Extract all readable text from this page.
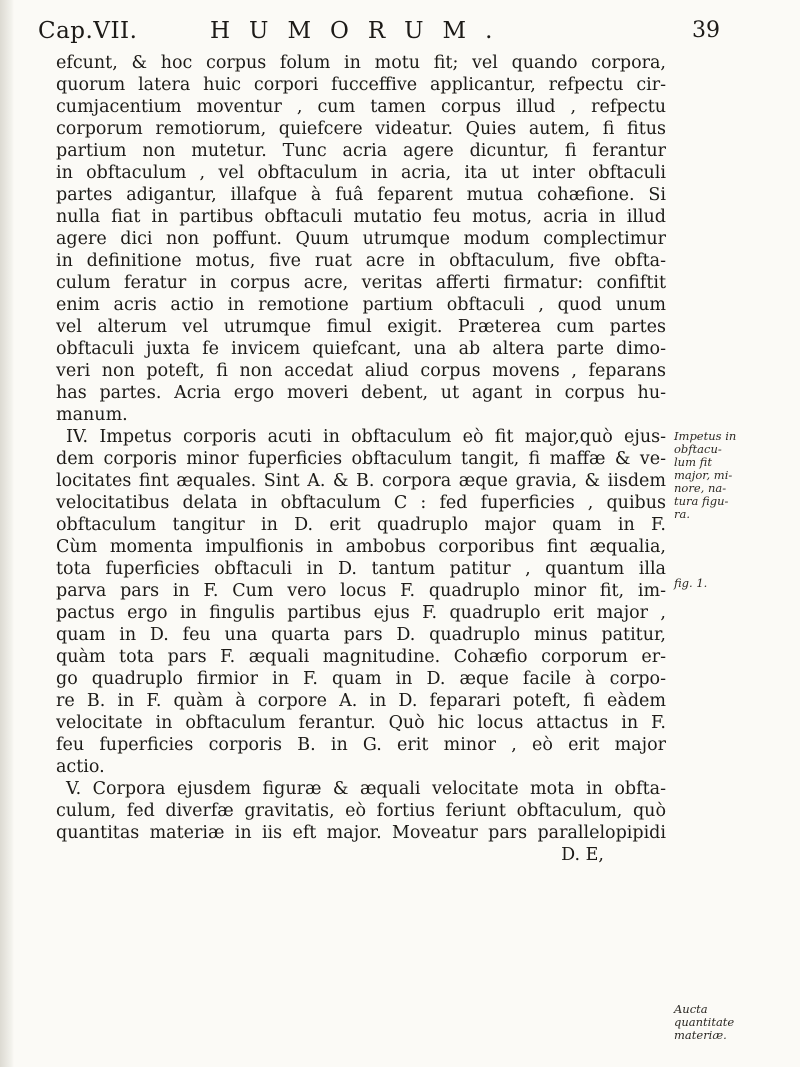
Cap.VII.	HUMORUM.	39
efcunt, & hoc corpus folum in motu fit; vel quando corpora,
quorum latera huic corpori fucceffive applicantur, refpectu cir-
cumjacentium moventur , cum tamen corpus illud , refpectu
corporum remotiorum, quiefcere videatur. Quies autem, fi fitus
partium non mutetur. Tunc acria agere dicuntur, fi ferantur
in obftaculum , vel obftaculum in acria, ita ut inter obftaculi
partes adigantur, illafque à fuâ feparent mutua cohæfione. Si
nulla fiat in partibus obftaculi mutatio feu motus, acria in illud
agere dici non poffunt. Quum utrumque modum complectimur
in definitione motus, five ruat acre in obftaculum, five obfta-
culum feratur in corpus acre, veritas afferti firmatur: confiftit
enim acris actio in remotione partium obftaculi , quod unum
vel alterum vel utrumque fimul exigit. Præterea cum partes
obftaculi juxta fe invicem quiefcant, una ab altera parte dimo-
veri non poteft, fi non accedat aliud corpus movens , feparans
has partes. Acria ergo moveri debent, ut agant in corpus hu-
manum.
IV. Impetus corporis acuti in obftaculum eò fit major,quò ejus-
dem corporis minor fuperficies obftaculum tangit, fi maffæ & ve-
locitates fint æquales. Sint A. & B. corpora æque gravia, & iisdem
velocitatibus delata in obftaculum C : fed fuperficies , quibus
obftaculum tangitur in D. erit quadruplo major quam in F.
Cùm momenta impulfionis in ambobus corporibus fint æqualia,
tota fuperficies obftaculi in D. tantum patitur , quantum illa
parva pars in F. Cum vero locus F. quadruplo minor fit, im-
pactus ergo in fingulis partibus ejus F. quadruplo erit major ,
quam in D. feu una quarta pars D. quadruplo minus patitur,
quàm tota pars F. æquali magnitudine. Cohæfio corporum er-
go quadruplo firmior in F. quam in D. æque facile à corpo-
re B. in F. quàm à corpore A. in D. feparari poteft, fi eàdem
velocitate in obftaculum ferantur. Quò hic locus attactus in F.
feu fuperficies corporis B. in G. erit minor , eò erit major
actio.
V. Corpora ejusdem figuræ & æquali velocitate mota in obfta-
culum, fed diverfæ gravitatis, eò fortius feriunt obftaculum, quò
quantitas materiæ in iis eft major. Moveatur pars parallelopipidi
D. E,
Impetus in
obftacu-
lum fit
major, mi-
nore, na-
tura figu-
ra.
fig. 1.
Aucta
quantitate
materiæ.
